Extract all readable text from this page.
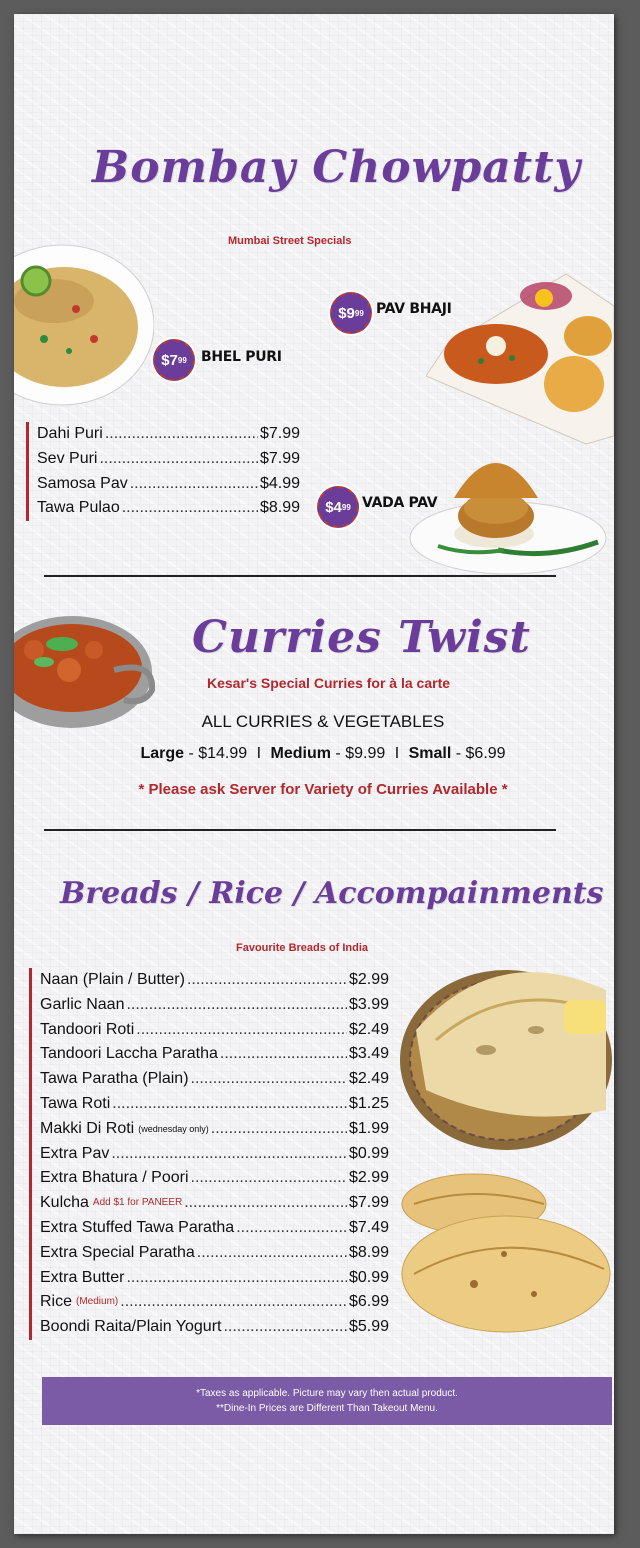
Bombay Chowpatty
Mumbai Street Specials
$9 99 PAV BHAJI
$7 99 BHEL PURI
Dahi Puri .....	$7.99
Sev Puri .....	$7.99
Samosa Pav .....	$4.99
Tawa Pulao .....	$8.99 $4 99 VADA PAV
Curries Twist
Kesar's Special Curries for à la carte
ALL CURRIES & VEGETABLES
Large - $14.99 I Medium - $9.99 I Small - $6.99
* Please ask Server for Variety of Curries Available *
Breads / Rice / Accompainments
Favourite Breads of India
Naan (Plain / Butter) .....	$2.99
Garlic Naan .....	$3.99
Tandoori Roti .....	$2.49
Tandoori Laccha Paratha .....	$3.49
Tawa Paratha (Plain) .....	$2.49
Tawa Roti .....	$1.25
Makki Di Roti (wednesday only) .....	$1.99
Extra Pav .....	$0.99
Extra Bhatura / Poori .....	$2.99
Kulcha Add $1 for PANEER .....	$7.99
Extra Stuffed Tawa Paratha .....	$7.49
Extra Special Paratha .....	$8.99
Extra Butter .....	$0.99
Rice (Medium) .....	$6.99
Boondi Raita/Plain Yogurt .....	$5.99
*Taxes as applicable. Picture may vary then actual product.
**Dine-In Prices are Different Than Takeout Menu.
